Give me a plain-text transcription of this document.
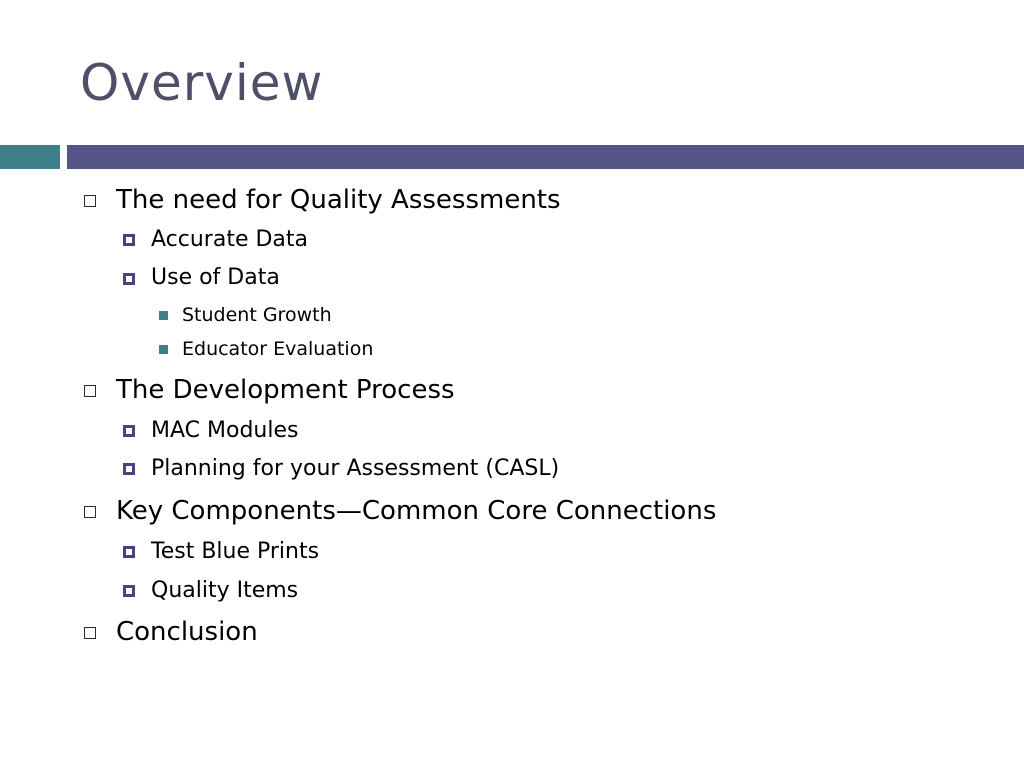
Overview
The need for Quality Assessments
Accurate Data
Use of Data
Student Growth
Educator Evaluation
The Development Process
MAC Modules
Planning for your Assessment (CASL)
Key Components—Common Core Connections
Test Blue Prints
Quality Items
Conclusion
